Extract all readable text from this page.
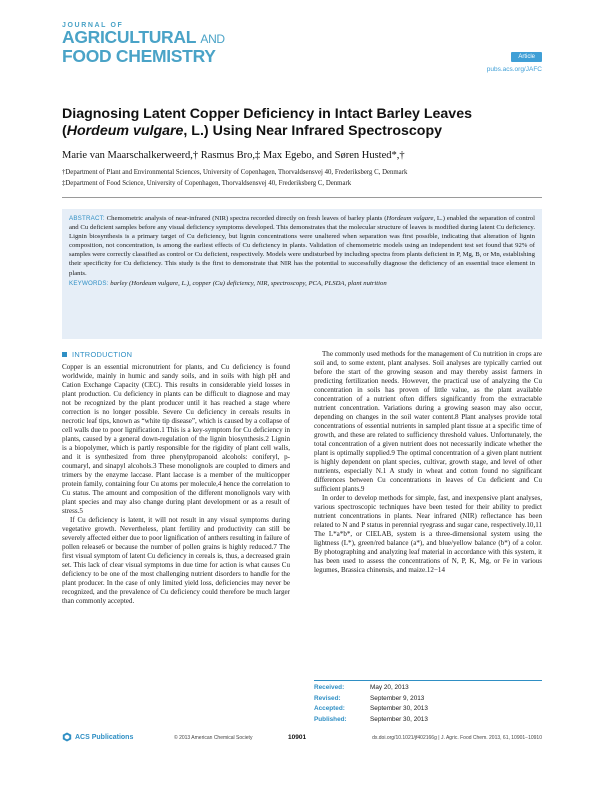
JOURNAL OF
AGRICULTURAL AND
FOOD CHEMISTRY	Article
pubs.acs.org/JAFC
Diagnosing Latent Copper Deficiency in Intact Barley Leaves
(Hordeum vulgare, L.) Using Near Infrared Spectroscopy
Marie van Maarschalkerweerd,† Rasmus Bro,‡ Max Egebo, and Søren Husted*,†
†Department of Plant and Environmental Sciences, University of Copenhagen, Thorvaldsensvej 40, Frederiksberg C, Denmark
‡Department of Food Science, University of Copenhagen, Thorvaldsensvej 40, Frederiksberg C, Denmark
ABSTRACT: Chemometric analysis of near-infrared (NIR) spectra recorded directly on fresh leaves of barley plants (Hordeum vulgare, L.) enabled the separation of control and Cu deficient samples before any visual deficiency symptoms developed. This demonstrates that the molecular structure of leaves is modified during latent Cu deficiency. Lignin biosynthesis is a primary target of Cu deficiency, but lignin concentrations were unaltered when separation was first possible, indicating that alteration of lignin composition, not concentration, is among the earliest effects of Cu deficiency in plants. Validation of chemometric models using an independent test set found that 92% of samples were correctly classified as control or Cu deficient, respectively. Models were undisturbed by including spectra from plants deficient in P, Mg, B, or Mn, establishing their specificity for Cu deficiency. This study is the first to demonstrate that NIR has the potential to successfully diagnose the deficiency of an essential trace element in plants.
KEYWORDS: barley (Hordeum vulgare, L.), copper (Cu) deficiency, NIR, spectroscopy, PCA, PLSDA, plant nutrition
INTRODUCTION

Copper is an essential micronutrient for plants, and Cu deficiency is found worldwide, mainly in humic and sandy soils, and in soils with high pH and Cation Exchange Capacity (CEC). This results in considerable yield losses in plant production. Cu deficiency in plants can be difficult to diagnose and may not be recognized by the plant producer until it has reached a stage where correction is no longer possible. Severe Cu deficiency in cereals results in necrotic leaf tips, known as “white tip disease”, which is caused by a collapse of cell walls due to poor lignification.1 This is a key-symptom for Cu deficiency in plants, caused by a general down-regulation of the lignin biosynthesis.2 Lignin is a biopolymer, which is partly responsible for the rigidity of plant cell walls, and it is synthesized from three phenylpropanoid alcohols: coniferyl, p-coumaryl, and sinapyl alcohols.3 These monolignols are coupled to dimers and trimers by the enzyme laccase. Plant laccase is a member of the multicopper protein family, containing four Cu atoms per molecule,4 hence the correlation to Cu status. The amount and composition of the different monolignols vary with plant species and may also change during plant development or as a result of stress.5

If Cu deficiency is latent, it will not result in any visual symptoms during vegetative growth. Nevertheless, plant fertility and productivity can still be severely affected either due to poor lignification of anthers resulting in failure of pollen release6 or because the number of pollen grains is highly reduced.7 The first visual symptom of latent Cu deficiency in cereals is, thus, a decreased grain set. This lack of clear visual symptoms in due time for action is what causes Cu deficiency to be one of the most challenging nutrient disorders to handle for the plant producer. In the case of only limited yield loss, deficiencies may never be recognized, and the prevalence of Cu deficiency could therefore be much larger than commonly accepted.

The commonly used methods for the management of Cu nutrition in crops are soil and, to some extent, plant analyses. Soil analyses are typically carried out before the start of the growing season and may thereby assist farmers in predicting fertilization needs. However, the practical use of analyzing the Cu concentration in soils has proven of little value, as the plant available concentration of a nutrient often differs significantly from the extractable nutrient concentration. Variations during a growing season may also occur, depending on changes in the soil water content.8 Plant analyses provide total concentrations of essential nutrients in sampled plant tissue at a specific time of growth, and these are related to sufficiency threshold values. Unfortunately, the total concentration of a given nutrient does not necessarily indicate whether the plant is optimally supplied.9 The optimal concentration of a given plant nutrient is highly dependent on plant species, cultivar, growth stage, and level of other nutrients, especially N.1 A study in wheat and cotton found no significant differences between Cu concentrations in leaves of Cu deficient and Cu sufficient plants.9

In order to develop methods for simple, fast, and inexpensive plant analyses, various spectroscopic techniques have been tested for their ability to predict nutrient concentrations in plants. Near infrared (NIR) reflectance has been related to N and P status in perennial ryegrass and sugar cane, respectively.10,11 The L*a*b*, or CIELAB, system is a three-dimensional system using the lightness (L*), green/red balance (a*), and blue/yellow balance (b*) of a color. By photographing and analyzing leaf material in accordance with this system, it has been used to assess the concentrations of N, P, K, Mg, or Fe in various legumes, Brassica chinensis, and maize.12−14

Received:	May 20, 2013
Revised:	September 9, 2013
Accepted:	September 30, 2013
Published:	September 30, 2013
ACS Publications	© 2013 American Chemical Society	10901	dx.doi.org/10.1021/jf402166g | J. Agric. Food Chem. 2013, 61, 10901−10910
